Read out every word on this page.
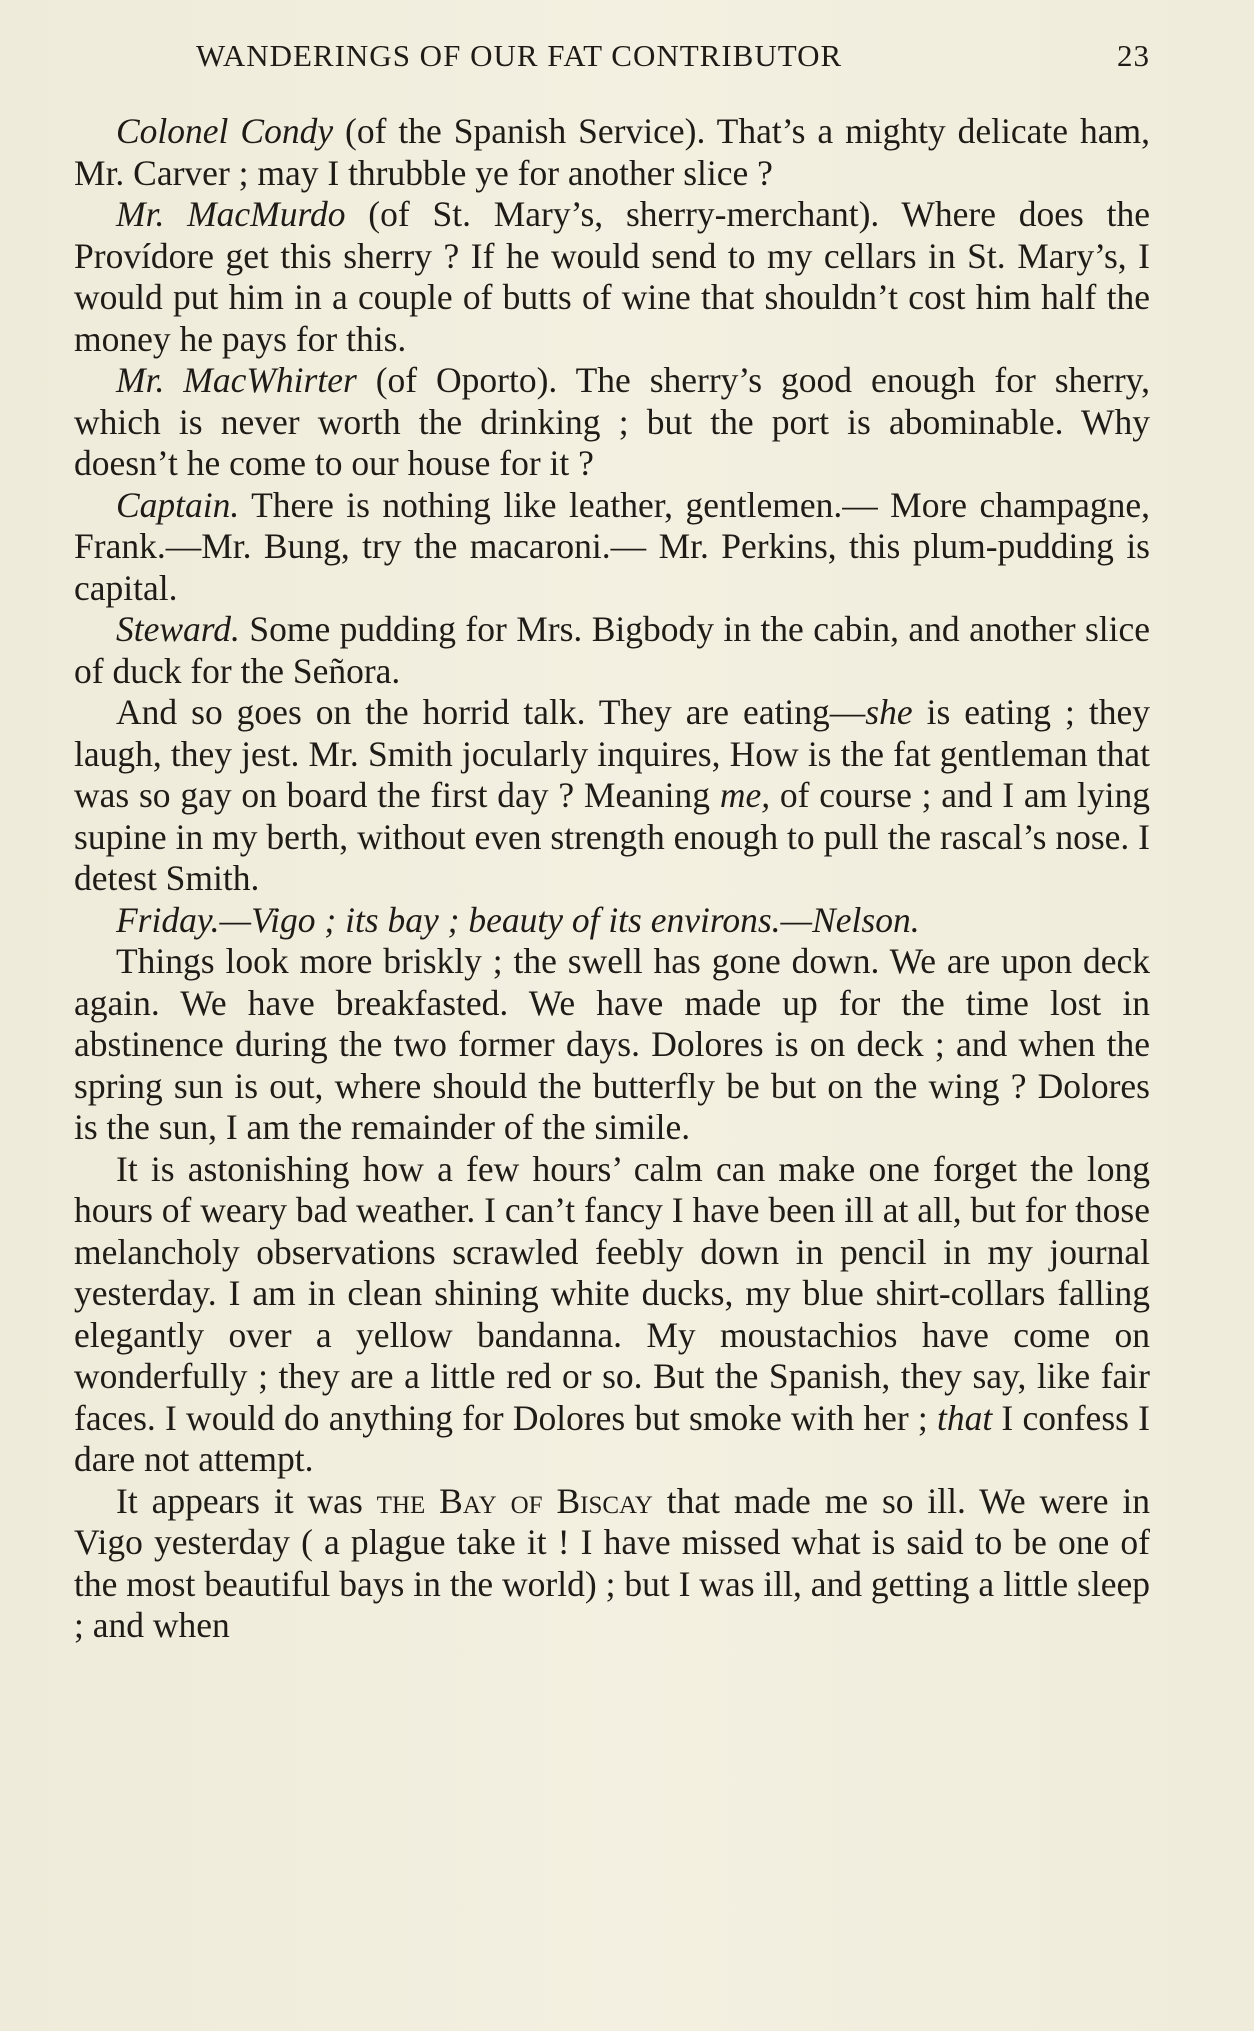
WANDERINGS OF OUR FAT CONTRIBUTOR	23

Colonel Condy (of the Spanish Service). That’s a mighty delicate ham, Mr. Carver ; may I thrubble ye for another slice ?

Mr. MacMurdo (of St. Mary’s, sherry-merchant). Where does the Provídore get this sherry ? If he would send to my cellars in St. Mary’s, I would put him in a couple of butts of wine that shouldn’t cost him half the money he pays for this.

Mr. MacWhirter (of Oporto). The sherry’s good enough for sherry, which is never worth the drinking ; but the port is abominable. Why doesn’t he come to our house for it ?

Captain. There is nothing like leather, gentlemen.— More champagne, Frank.—Mr. Bung, try the macaroni.— Mr. Perkins, this plum-pudding is capital.

Steward. Some pudding for Mrs. Bigbody in the cabin, and another slice of duck for the Señora.

And so goes on the horrid talk. They are eating—she is eating ; they laugh, they jest. Mr. Smith jocularly inquires, How is the fat gentleman that was so gay on board the first day ? Meaning me, of course ; and I am lying supine in my berth, without even strength enough to pull the rascal’s nose. I detest Smith.

Friday.—Vigo ; its bay ; beauty of its environs.—Nelson.

Things look more briskly ; the swell has gone down. We are upon deck again. We have breakfasted. We have made up for the time lost in abstinence during the two former days. Dolores is on deck ; and when the spring sun is out, where should the butterfly be but on the wing ? Dolores is the sun, I am the remainder of the simile.

It is astonishing how a few hours’ calm can make one forget the long hours of weary bad weather. I can’t fancy I have been ill at all, but for those melancholy observations scrawled feebly down in pencil in my journal yesterday. I am in clean shining white ducks, my blue shirt-collars falling elegantly over a yellow bandanna. My moustachios have come on wonderfully ; they are a little red or so. But the Spanish, they say, like fair faces. I would do anything for Dolores but smoke with her ; that I confess I dare not attempt.

It appears it was the Bay of Biscay that made me so ill. We were in Vigo yesterday ( a plague take it ! I have missed what is said to be one of the most beautiful bays in the world) ; but I was ill, and getting a little sleep ; and when
